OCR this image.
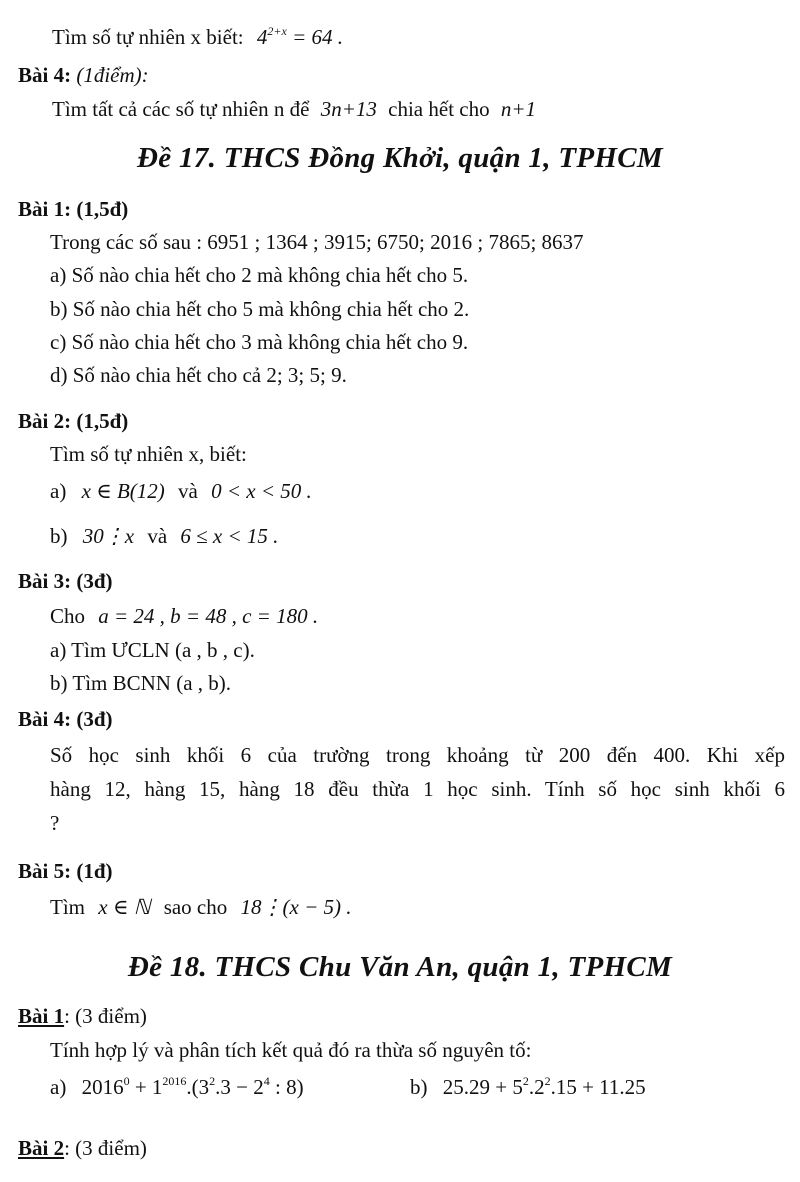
Tìm số tự nhiên x biết: $4^{2+x} = 64$ .
Bài 4: (1điểm):
Tìm tất cả các số tự nhiên n để 3n+13 chia hết cho n+1
Đề 17. THCS Đồng Khởi, quận 1, TPHCM
Bài 1: (1,5đ)
Trong các số sau : 6951 ; 1364 ; 3915; 6750; 2016 ; 7865; 8637
a) Số nào chia hết cho 2 mà không chia hết cho 5.
b) Số nào chia hết cho 5 mà không chia hết cho 2.
c) Số nào chia hết cho 3 mà không chia hết cho 9.
d) Số nào chia hết cho cả 2; 3; 5; 9.
Bài 2: (1,5đ)
Tìm số tự nhiên x, biết:
a) x ∈ B(12) và 0 < x < 50 .
b) 30⋮x và 6 ≤ x < 15 .
Bài 3: (3đ)
Cho a = 24 , b = 48 , c = 180 .
a) Tìm ƯCLN (a , b , c).
b) Tìm BCNN (a , b).
Bài 4: (3đ)
Số học sinh khối 6 của trường trong khoảng từ 200 đến 400. Khi xếp
hàng 12, hàng 15, hàng 18 đều thừa 1 học sinh. Tính số học sinh khối 6
?
Bài 5: (1đ)
Tìm x ∈ ℕ sao cho 18⋮(x − 5) .
Đề 18. THCS Chu Văn An, quận 1, TPHCM
Bài 1: (3 điểm)
Tính hợp lý và phân tích kết quả đó ra thừa số nguyên tố:
a) $2016^0 + 1^{2016}.(3^2.3 - 2^4$ : 8)	b) $25.29 + 5^2.2^2.15 + 11.25$
Bài 2: (3 điểm)
